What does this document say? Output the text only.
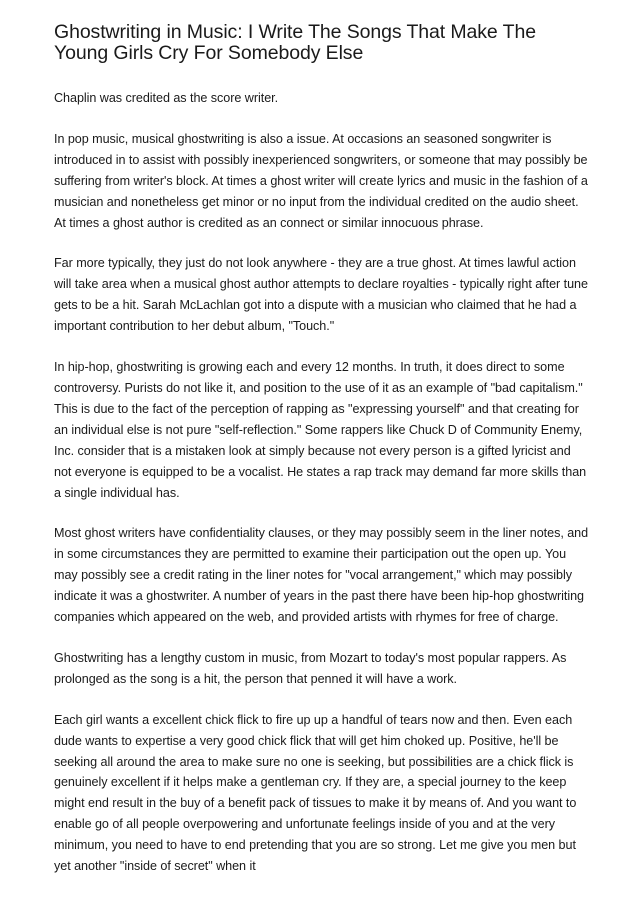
Ghostwriting in Music: I Write The Songs That Make The Young Girls Cry For Somebody Else

Chaplin was credited as the score writer.

In pop music, musical ghostwriting is also a issue. At occasions an seasoned songwriter is introduced in to assist with possibly inexperienced songwriters, or someone that may possibly be suffering from writer's block. At times a ghost writer will create lyrics and music in the fashion of a musician and nonetheless get minor or no input from the individual credited on the audio sheet. At times a ghost author is credited as an connect or similar innocuous phrase.

Far more typically, they just do not look anywhere - they are a true ghost. At times lawful action will take area when a musical ghost author attempts to declare royalties - typically right after tune gets to be a hit. Sarah McLachlan got into a dispute with a musician who claimed that he had a important contribution to her debut album, "Touch."

In hip-hop, ghostwriting is growing each and every 12 months. In truth, it does direct to some controversy. Purists do not like it, and position to the use of it as an example of "bad capitalism." This is due to the fact of the perception of rapping as "expressing yourself" and that creating for an individual else is not pure "self-reflection." Some rappers like Chuck D of Community Enemy, Inc. consider that is a mistaken look at simply because not every person is a gifted lyricist and not everyone is equipped to be a vocalist. He states a rap track may demand far more skills than a single individual has.

Most ghost writers have confidentiality clauses, or they may possibly seem in the liner notes, and in some circumstances they are permitted to examine their participation out the open up. You may possibly see a credit rating in the liner notes for "vocal arrangement," which may possibly indicate it was a ghostwriter. A number of years in the past there have been hip-hop ghostwriting companies which appeared on the web, and provided artists with rhymes for free of charge.

Ghostwriting has a lengthy custom in music, from Mozart to today's most popular rappers. As prolonged as the song is a hit, the person that penned it will have a work.

Each girl wants a excellent chick flick to fire up up a handful of tears now and then. Even each dude wants to expertise a very good chick flick that will get him choked up. Positive, he'll be seeking all around the area to make sure no one is seeking, but possibilities are a chick flick is genuinely excellent if it helps make a gentleman cry. If they are, a special journey to the keep might end result in the buy of a benefit pack of tissues to make it by means of. And you want to enable go of all people overpowering and unfortunate feelings inside of you and at the very minimum, you need to have to end pretending that you are so strong. Let me give you men but yet another "inside of secret" when it
